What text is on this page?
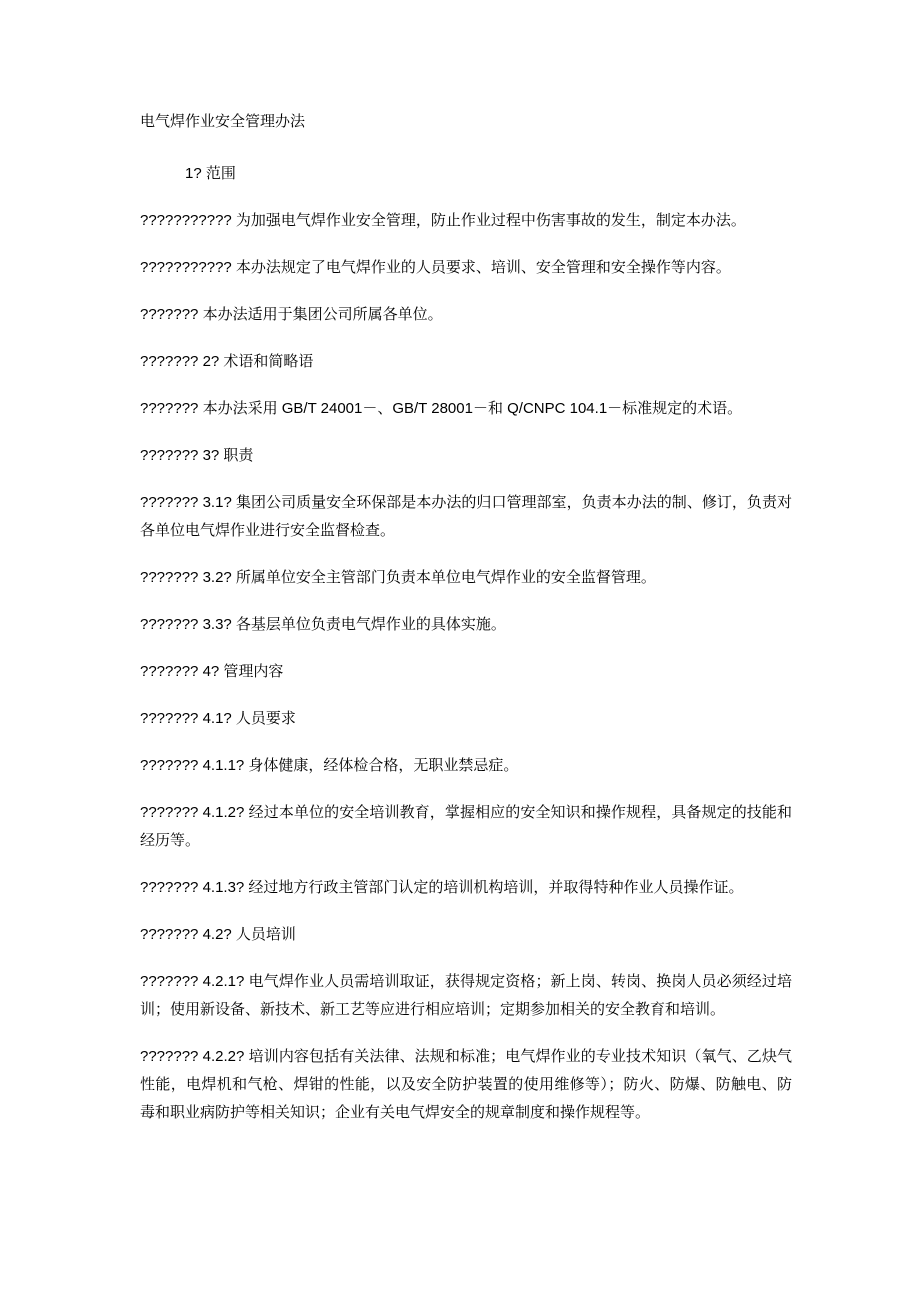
电气焊作业安全管理办法

1? 范围

??????????? 为加强电气焊作业安全管理，防止作业过程中伤害事故的发生，制定本办法。

??????????? 本办法规定了电气焊作业的人员要求、培训、安全管理和安全操作等内容。

??????? 本办法适用于集团公司所属各单位。

??????? 2? 术语和简略语

??????? 本办法采用 GB/T 24001－、GB/T 28001－和 Q/CNPC 104.1－标准规定的术语。

??????? 3? 职责

??????? 3.1? 集团公司质量安全环保部是本办法的归口管理部室，负责本办法的制、修订，负责对各单位电气焊作业进行安全监督检查。

??????? 3.2? 所属单位安全主管部门负责本单位电气焊作业的安全监督管理。

??????? 3.3? 各基层单位负责电气焊作业的具体实施。

??????? 4? 管理内容

??????? 4.1? 人员要求

??????? 4.1.1? 身体健康，经体检合格，无职业禁忌症。

??????? 4.1.2? 经过本单位的安全培训教育，掌握相应的安全知识和操作规程，具备规定的技能和经历等。

??????? 4.1.3? 经过地方行政主管部门认定的培训机构培训，并取得特种作业人员操作证。

??????? 4.2? 人员培训

??????? 4.2.1? 电气焊作业人员需培训取证，获得规定资格；新上岗、转岗、换岗人员必须经过培训；使用新设备、新技术、新工艺等应进行相应培训；定期参加相关的安全教育和培训。

??????? 4.2.2? 培训内容包括有关法律、法规和标准；电气焊作业的专业技术知识（氧气、乙炔气性能，电焊机和气枪、焊钳的性能，以及安全防护装置的使用维修等）；防火、防爆、防触电、防毒和职业病防护等相关知识；企业有关电气焊安全的规章制度和操作规程等。
